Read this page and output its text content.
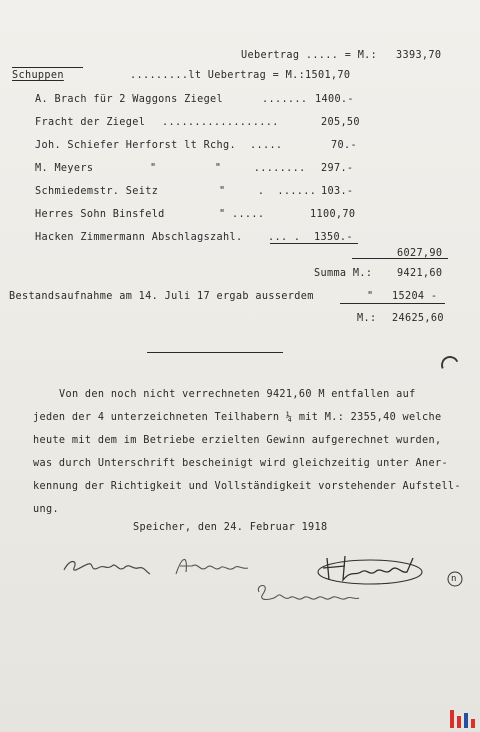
Uebertrag ..... = M.: 3393,70
Schuppen	.........lt Uebertrag = M.: 1501,70
A. Brach für 2 Waggons Ziegel	....... 1400.-
Fracht der Ziegel ..................	205,50
Joh. Schiefer Herforst lt Rchg. .....	70.-
M. Meyers	"         "     ........ 297.-
Schmiedemstr. Seitz	"     .  ...... 103.-
Herres Sohn Binsfeld	" .....	1100,70
Hacken Zimmermann Abschlagszahl.	... . 1350.-
6027,90
Summa M.: 9421,60
Bestandsaufnahme am 14. Juli 17 ergab ausserdem	" 15204 -
M.: 24625,60
Von den noch nicht verrechneten 9421,60 M entfallen auf
jeden der 4 unterzeichneten Teilhabern ¼ mit M.: 2355,40 welche
heute mit dem im Betriebe erzielten Gewinn aufgerechnet wurden,
was durch Unterschrift bescheinigt wird gleichzeitig unter Aner-
kennung der Richtigkeit und Vollständigkeit vorstehender Aufstell-
ung.
Speicher, den 24. Februar 1918
n
